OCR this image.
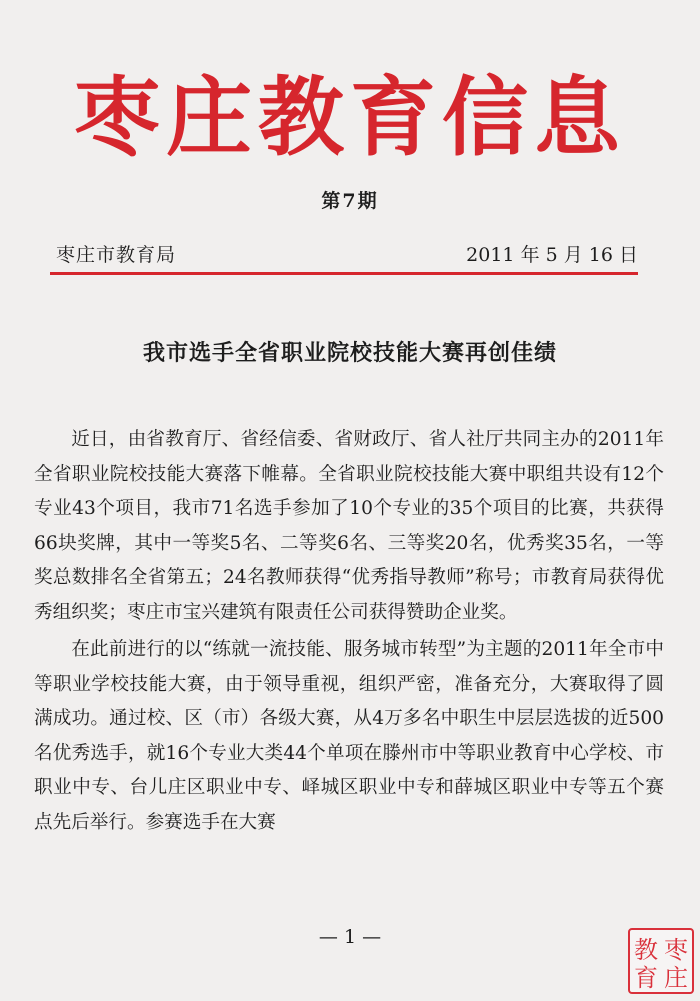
枣庄教育信息
第7期
枣庄市教育局	2011 年 5 月 16 日
我市选手全省职业院校技能大赛再创佳绩

近日，由省教育厅、省经信委、省财政厅、省人社厅共同主办的2011年全省职业院校技能大赛落下帷幕。全省职业院校技能大赛中职组共设有12个专业43个项目，我市71名选手参加了10个专业的35个项目的比赛，共获得66块奖牌，其中一等奖5名、二等奖6名、三等奖20名，优秀奖35名，一等奖总数排名全省第五；24名教师获得“优秀指导教师”称号；市教育局获得优秀组织奖；枣庄市宝兴建筑有限责任公司获得赞助企业奖。

在此前进行的以“练就一流技能、服务城市转型”为主题的2011年全市中等职业学校技能大赛，由于领导重视，组织严密，准备充分，大赛取得了圆满成功。通过校、区（市）各级大赛，从4万多名中职生中层层选拔的近500名优秀选手，就16个专业大类44个单项在滕州市中等职业教育中心学校、市职业中专、台儿庄区职业中专、峄城区职业中专和薛城区职业中专等五个赛点先后举行。参赛选手在大赛

— 1 —	枣
庄
教
育
